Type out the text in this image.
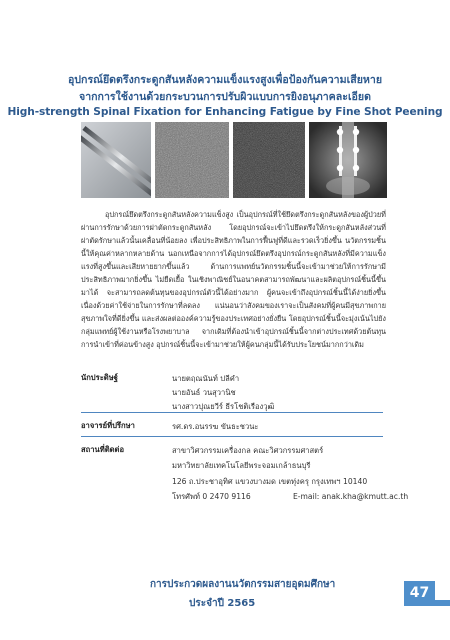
อุปกรณ์ยึดตรึงกระดูกสันหลังความแข็งแรงสูงเพื่อป้องกันความเสียหาย
จากการใช้งานด้วยกระบวนการปรับผิวแบบการยิงอนุภาคละเอียด
High-strength Spinal Fixation for Enhancing Fatigue by Fine Shot Peening

อุปกรณ์ยึดตรึงกระดูกสันหลังความแข็งสูง เป็นอุปกรณ์ที่ใช้ยึดตรึงกระดูกสันหลังของผู้ป่วยที่ผ่านการรักษาด้วยการผ่าตัดกระดูกสันหลัง โดยอุปกรณ์จะเข้าไปยึดตรึงให้กระดูกสันหลังส่วนที่ผ่าตัดรักษาแล้วนั้นเคลื่อนที่น้อยลง เพื่อประสิทธิภาพในการฟื้นฟูที่ดีและรวดเร็วยิ่งขึ้น นวัตกรรมชิ้นนี้ให้คุณค่าหลากหลายด้าน นอกเหนือจากการได้อุปกรณ์ยึดตรึงอุปกรณ์กระดูกสันหลังที่มีความแข็งแรงที่สูงขึ้นและเสียหายยากขึ้นแล้ว ด้านการแพทย์นวัตกรรมชิ้นนี้จะเข้ามาช่วยให้การรักษามีประสิทธิภาพมากยิ่งขึ้น ไม่ยืดเยื้อ ในเชิงพาณิชย์ในอนาคตสามารถพัฒนาและผลิตอุปกรณ์ชิ้นนี้ขึ้นมาได้ จะสามารถลดต้นทุนของอุปกรณ์ตัวนี้ได้อย่างมาก ผู้คนจะเข้าถึงอุปกรณ์ชิ้นนี้ได้ง่ายยิ่งขึ้น เนื่องด้วยค่าใช้จ่ายในการรักษาที่ลดลง แน่นอนว่าสังคมของเราจะเป็นสังคมที่ผู้คนมีสุขภาพกายสุขภาพใจที่ดียิ่งขึ้น และส่งผลต่อองค์ความรู้ของประเทศอย่างยั่งยืน โดยอุปกรณ์ชิ้นนี้จะมุ่งเน้นไปยังกลุ่มแพทย์ผู้ใช้งานหรือโรงพยาบาล จากเดิมที่ต้องนำเข้าอุปกรณ์ชิ้นนี้จากต่างประเทศด้วยต้นทุนการนำเข้าที่ค่อนข้างสูง อุปกรณ์ชิ้นนี้จะเข้ามาช่วยให้ผู้คนกลุ่มนี้ได้รับประโยชน์มากกว่าเดิม

นักประดิษฐ์	นายตฤณนันท์ ปลีคำ
นายอันธ์ วนสุวานิช
นางสาวปุณยวีร์ ธีรโชติเรืองวุฒิ
อาจารย์ที่ปรึกษา	รศ.ดร.อนรรฆ ขันธะชวนะ
สถานที่ติดต่อ	สาขาวิศวกรรมเครื่องกล คณะวิศวกรรมศาสตร์
มหาวิทยาลัยเทคโนโลยีพระจอมเกล้าธนบุรี
126 ถ.ประชาอุทิศ แขวงบางมด เขตทุ่งครุ กรุงเทพฯ 10140
โทรศัพท์ 0 2470 9116	E-mail: anak.kha@kmutt.ac.th
การประกวดผลงานนวัตกรรมสายอุดมศึกษา
ประจำปี 2565
47
